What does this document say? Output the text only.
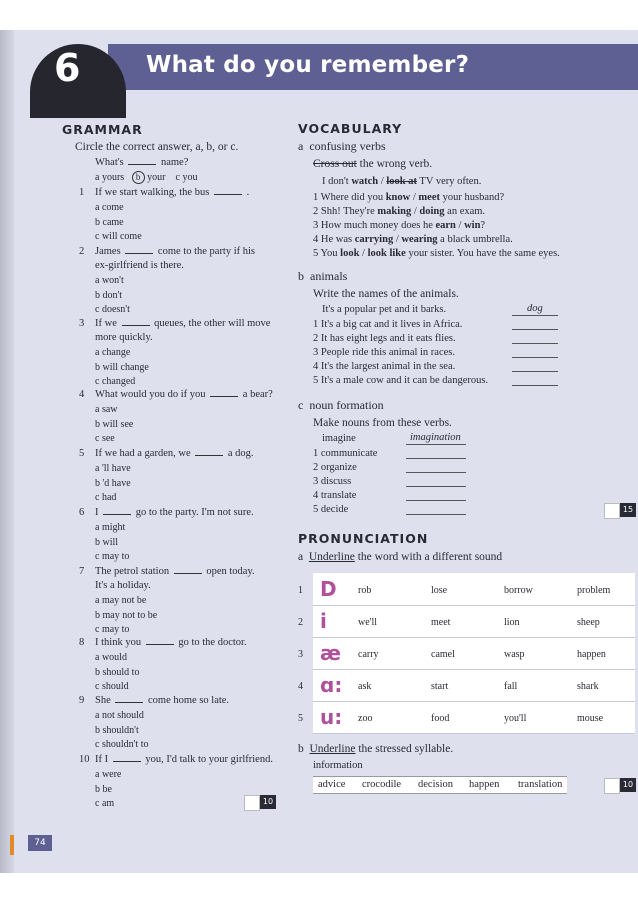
6	What do you remember?
GRAMMAR
Circle the correct answer, a, b, or c.
What's	name?
a yours b your c you
1 If we start walking, the bus	.
a come
b came
c will come
2 James	come to the party if his
ex-girlfriend is there.
a won't
b don't
c doesn't
3 If we	queues, the other will move
more quickly.
a change
b will change
c changed
4 What would you do if you	a bear?
a saw
b will see
c see
5 If we had a garden, we	a dog.
a 'll have
b 'd have
c had
6 I	go to the party. I'm not sure.
a might
b will
c may to
7 The petrol station	open today.
It's a holiday.
a may not be
b may not to be
c may to
8 I think you	go to the doctor.
a would
b should to
c should
9 She	come home so late.
a not should
b shouldn't
c shouldn't to
10 If I	you, I'd talk to your girlfriend.
a were
b be
c am	10
VOCABULARY
a confusing verbs
Cross out the wrong verb.
I don't watch / look at TV very often.
1 Where did you know / meet your husband?
2 Shh! They're making / doing an exam.
3 How much money does he earn / win?
4 He was carrying / wearing a black umbrella.
5 You look / look like your sister. You have the same eyes.
b animals
Write the names of the animals.
It's a popular pet and it barks.	dog
1 It's a big cat and it lives in Africa.
2 It has eight legs and it eats flies.
3 People ride this animal in races.
4 It's the largest animal in the sea.
5 It's a male cow and it can be dangerous.
c noun formation
Make nouns from these verbs.
imagine	imagination
1 communicate
2 organize
3 discuss
4 translate
5 decide	15
PRONUNCIATION
a Underline the word with a different sound
1 D	rob	lose	borrow	problem
2 i	we'll	meet	lion	sheep
3 æ	carry	camel	wasp	happen
4 ɑ:	ask	start	fall	shark
5 u:	zoo	food	you'll	mouse
b Underline the stressed syllable.
information
advice crocodile decision happen translation	10
74
